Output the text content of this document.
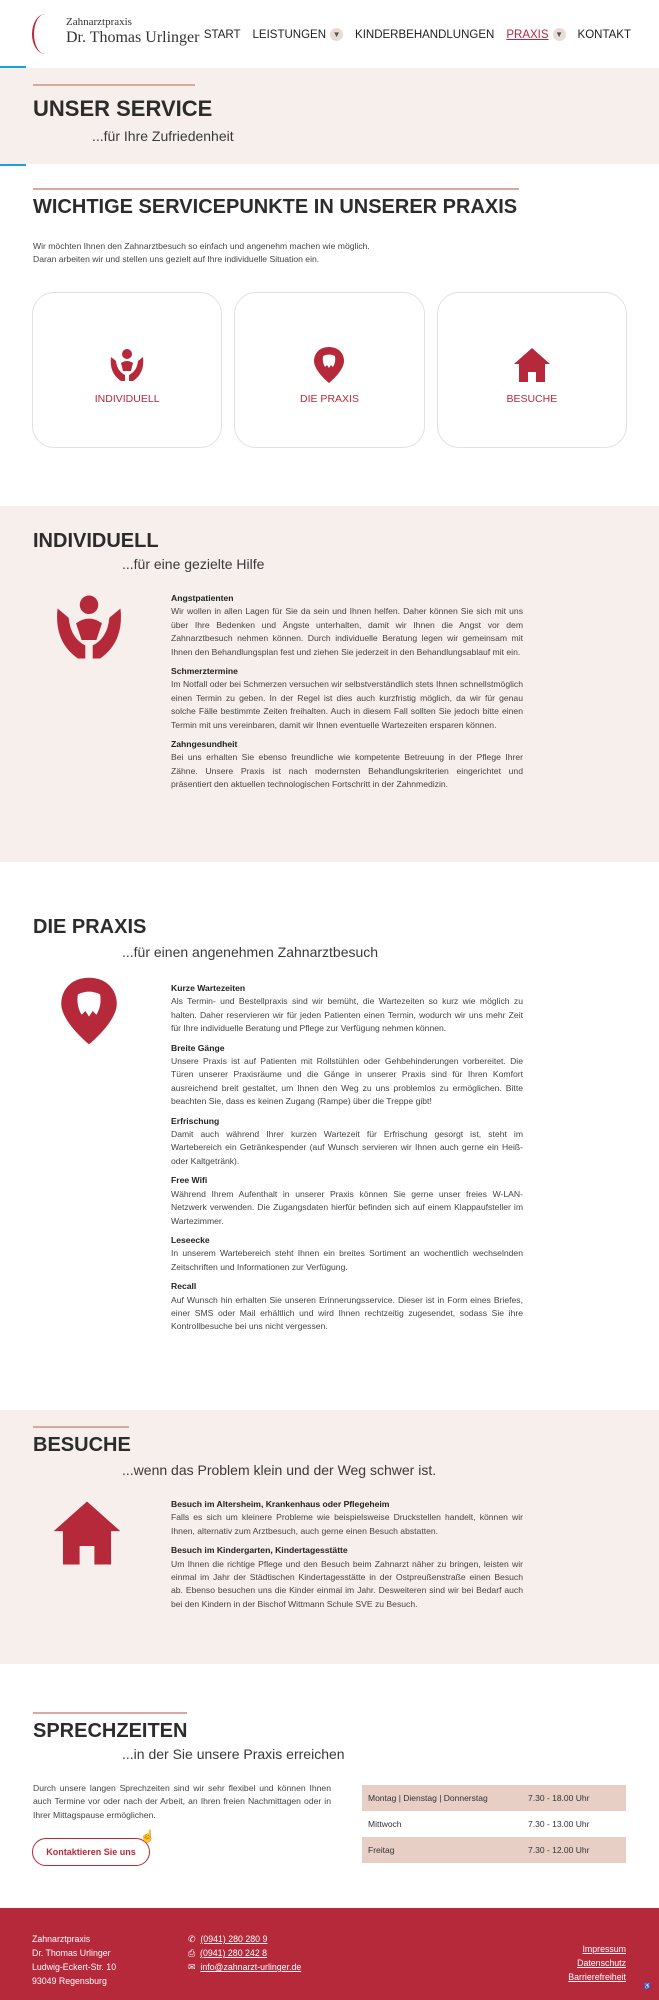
Zahnarztpraxis
Dr. Thomas Urlinger START LEISTUNGEN ▼ KINDERBEHANDLUNGEN PRAXIS ▼ KONTAKT
UNSER SERVICE
...für Ihre Zufriedenheit
WICHTIGE SERVICEPUNKTE IN UNSERER PRAXIS
Wir möchten Ihnen den Zahnarztbesuch so einfach und angenehm machen wie möglich. Daran arbeiten wir und stellen uns gezielt auf Ihre individuelle Situation ein.
INDIVIDUELL	DIE PRAXIS	BESUCHE
INDIVIDUELL
...für eine gezielte Hilfe
Angstpatienten
Wir wollen in allen Lagen für Sie da sein und Ihnen helfen. Daher können Sie sich mit uns über Ihre Bedenken und Ängste unterhalten, damit wir Ihnen die Angst vor dem Zahnarztbesuch nehmen können. Durch individuelle Beratung legen wir gemeinsam mit Ihnen den Behandlungsplan fest und ziehen Sie jederzeit in den Behandlungsablauf mit ein.
Schmerztermine
Im Notfall oder bei Schmerzen versuchen wir selbstverständlich stets Ihnen schnellstmöglich einen Termin zu geben. In der Regel ist dies auch kurzfristig möglich, da wir für genau solche Fälle bestimmte Zeiten freihalten. Auch in diesem Fall sollten Sie jedoch bitte einen Termin mit uns vereinbaren, damit wir Ihnen eventuelle Wartezeiten ersparen können.
Zahngesundheit
Bei uns erhalten Sie ebenso freundliche wie kompetente Betreuung in der Pflege Ihrer Zähne. Unsere Praxis ist nach modernsten Behandlungskriterien eingerichtet und präsentiert den aktuellen technologischen Fortschritt in der Zahnmedizin.
DIE PRAXIS
...für einen angenehmen Zahnarztbesuch
Kurze Wartezeiten
Als Termin- und Bestellpraxis sind wir bemüht, die Wartezeiten so kurz wie möglich zu halten. Daher reservieren wir für jeden Patienten einen Termin, wodurch wir uns mehr Zeit für Ihre individuelle Beratung und Pflege zur Verfügung nehmen können.
Breite Gänge
Unsere Praxis ist auf Patienten mit Rollstühlen oder Gehbehinderungen vorbereitet. Die Türen unserer Praxisräume und die Gänge in unserer Praxis sind für Ihren Komfort ausreichend breit gestaltet, um Ihnen den Weg zu uns problemlos zu ermöglichen. Bitte beachten Sie, dass es keinen Zugang (Rampe) über die Treppe gibt!
Erfrischung
Damit auch während Ihrer kurzen Wartezeit für Erfrischung gesorgt ist, steht im Wartebereich ein Getränkespender (auf Wunsch servieren wir Ihnen auch gerne ein Heiß- oder Kaltgetränk).
Free Wifi
Während Ihrem Aufenthalt in unserer Praxis können Sie gerne unser freies W-LAN-Netzwerk verwenden. Die Zugangsdaten hierfür befinden sich auf einem Klappaufsteller im Wartezimmer.
Leseecke
In unserem Wartebereich steht Ihnen ein breites Sortiment an wochentlich wechselnden Zeitschriften und Informationen zur Verfügung.
Recall
Auf Wunsch hin erhalten Sie unseren Erinnerungsservice. Dieser ist in Form eines Briefes, einer SMS oder Mail erhältlich und wird Ihnen rechtzeitig zugesendet, sodass Sie ihre Kontrollbesuche bei uns nicht vergessen.
BESUCHE
...wenn das Problem klein und der Weg schwer ist.
Besuch im Altersheim, Krankenhaus oder Pflegeheim
Falls es sich um kleinere Probleme wie beispielsweise Druckstellen handelt, können wir Ihnen, alternativ zum Arztbesuch, auch gerne einen Besuch abstatten.
Besuch im Kindergarten, Kindertagesstätte
Um Ihnen die richtige Pflege und den Besuch beim Zahnarzt näher zu bringen, leisten wir einmal im Jahr der Städtischen Kindertagesstätte in der Ostpreußenstraße einen Besuch ab. Ebenso besuchen uns die Kinder einmal im Jahr. Desweiteren sind wir bei Bedarf auch bei den Kindern in der Bischof Wittmann Schule SVE zu Besuch.
SPRECHZEITEN
...in der Sie unsere Praxis erreichen
Durch unsere langen Sprechzeiten sind wir sehr flexibel und können Ihnen auch Termine vor oder nach der Arbeit, an Ihren freien Nachmittagen oder in Ihrer Mittagspause ermöglichen.
Kontaktieren Sie uns
☝
Montag | Dienstag | Donnerstag	7.30 - 18.00 Uhr
Mittwoch	7.30 - 13.00 Uhr
Freitag	7.30 - 12.00 Uhr
Zahnarztpraxis
Dr. Thomas Urlinger
Ludwig-Eckert-Str. 10
93049 Regensburg
✆ (0941) 280 280 9
⎙ (0941) 280 242 8
✉ info@zahnarzt-urlinger.de
Impressum
Datenschutz
Barrierefreiheit
♿
